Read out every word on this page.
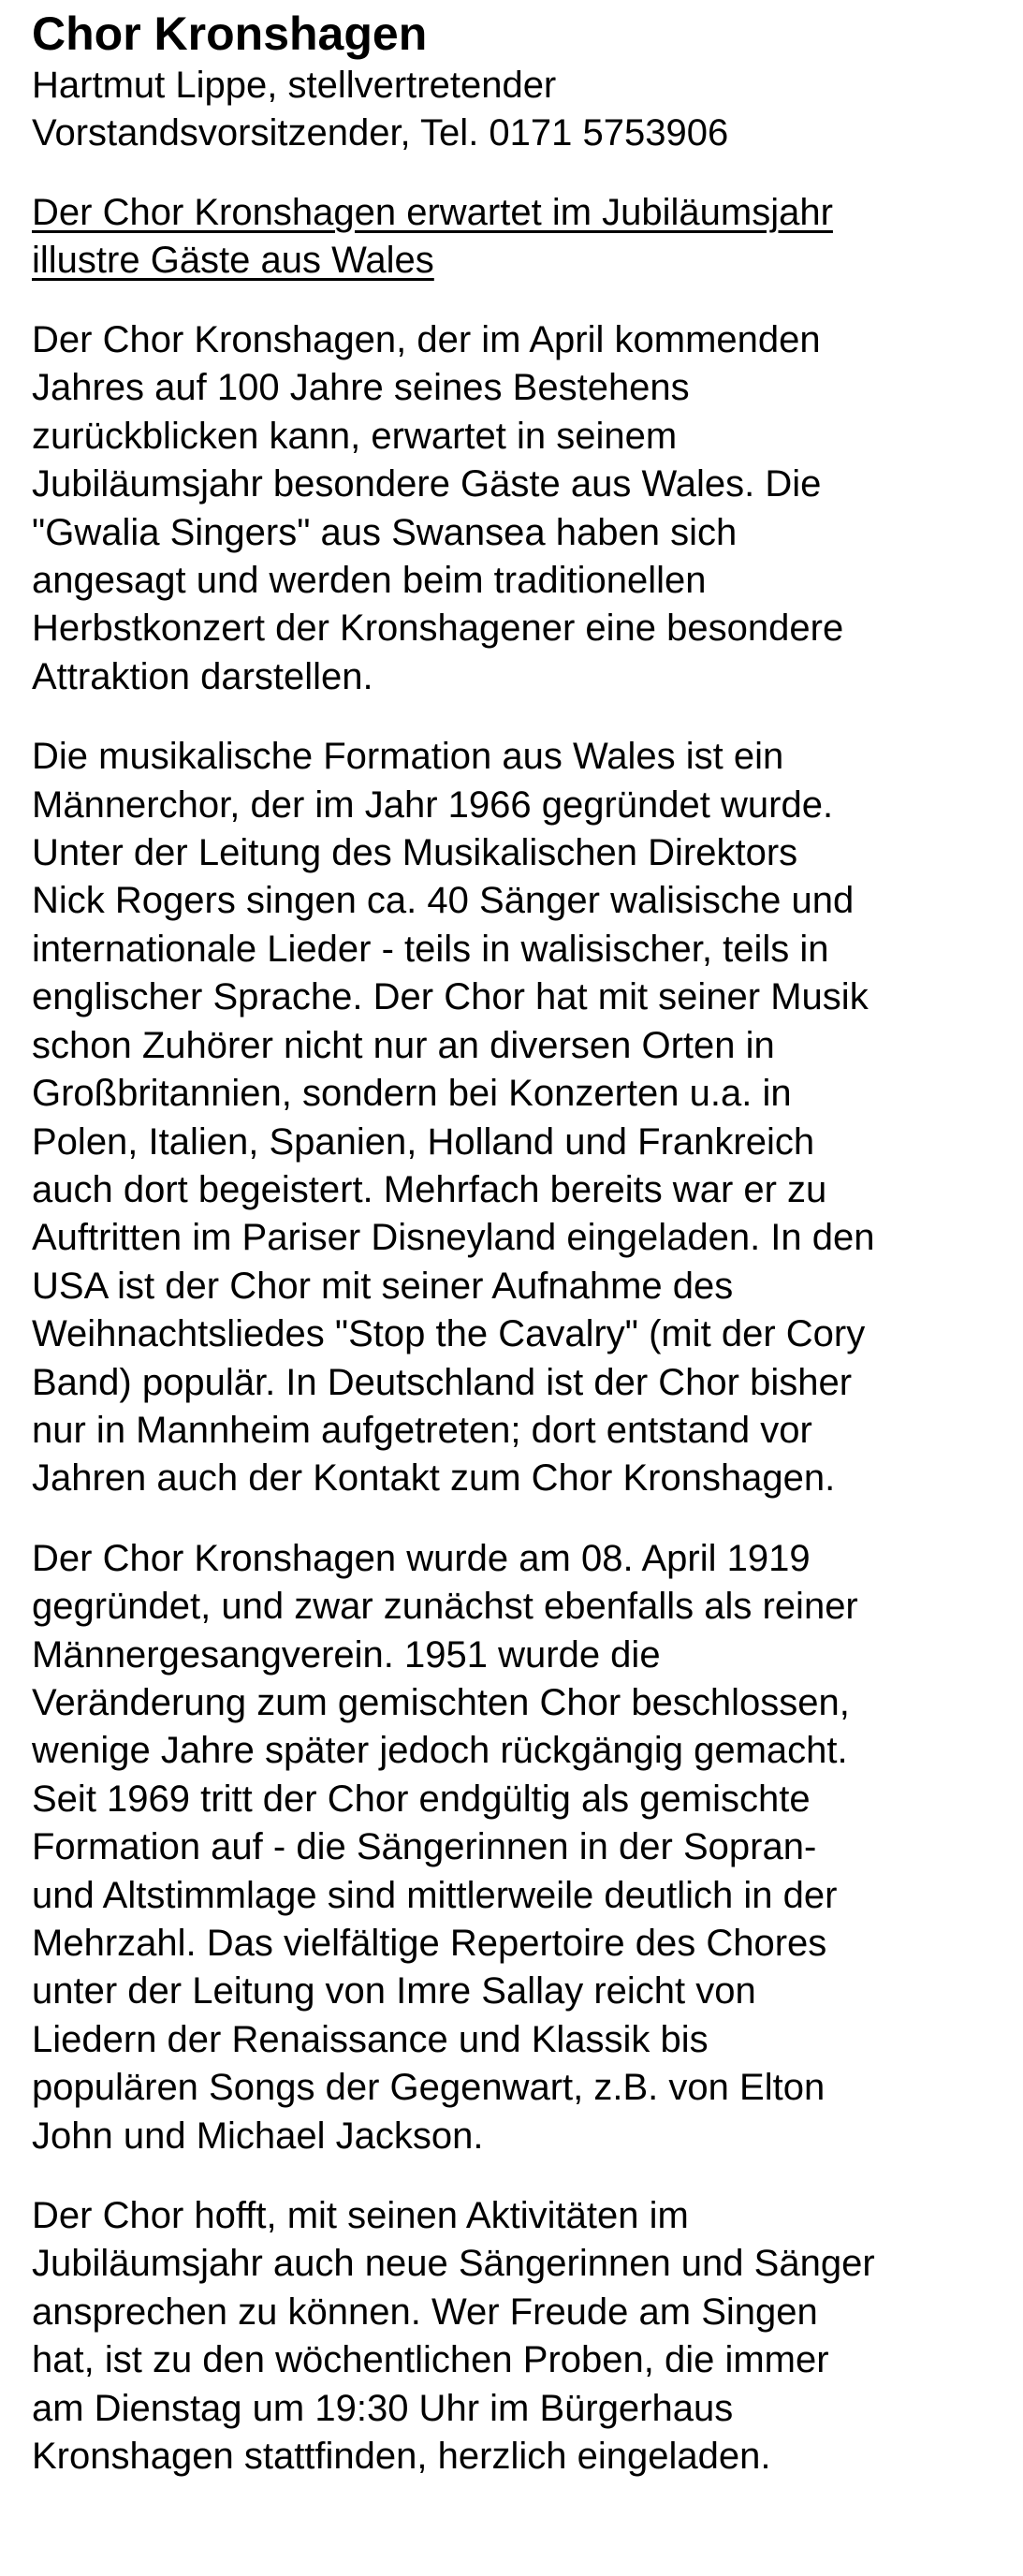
Chor Kronshagen
Hartmut Lippe, stellvertretender
Vorstandsvorsitzender, Tel. 0171 5753906
Der Chor Kronshagen erwartet im Jubiläumsjahr
illustre Gäste aus Wales
Der Chor Kronshagen, der im April kommenden
Jahres auf 100 Jahre seines Bestehens
zurückblicken kann, erwartet in seinem
Jubiläumsjahr besondere Gäste aus Wales. Die
"Gwalia Singers" aus Swansea haben sich
angesagt und werden beim traditionellen
Herbstkonzert der Kronshagener eine besondere
Attraktion darstellen.
Die musikalische Formation aus Wales ist ein
Männerchor, der im Jahr 1966 gegründet wurde.
Unter der Leitung des Musikalischen Direktors
Nick Rogers singen ca. 40 Sänger walisische und
internationale Lieder - teils in walisischer, teils in
englischer Sprache. Der Chor hat mit seiner Musik
schon Zuhörer nicht nur an diversen Orten in
Großbritannien, sondern bei Konzerten u.a. in
Polen, Italien, Spanien, Holland und Frankreich
auch dort begeistert. Mehrfach bereits war er zu
Auftritten im Pariser Disneyland eingeladen. In den
USA ist der Chor mit seiner Aufnahme des
Weihnachtsliedes "Stop the Cavalry" (mit der Cory
Band) populär. In Deutschland ist der Chor bisher
nur in Mannheim aufgetreten; dort entstand vor
Jahren auch der Kontakt zum Chor Kronshagen.
Der Chor Kronshagen wurde am 08. April 1919
gegründet, und zwar zunächst ebenfalls als reiner
Männergesangverein. 1951 wurde die
Veränderung zum gemischten Chor beschlossen,
wenige Jahre später jedoch rückgängig gemacht.
Seit 1969 tritt der Chor endgültig als gemischte
Formation auf - die Sängerinnen in der Sopran-
und Altstimmlage sind mittlerweile deutlich in der
Mehrzahl. Das vielfältige Repertoire des Chores
unter der Leitung von Imre Sallay reicht von
Liedern der Renaissance und Klassik bis
populären Songs der Gegenwart, z.B. von Elton
John und Michael Jackson.
Der Chor hofft, mit seinen Aktivitäten im
Jubiläumsjahr auch neue Sängerinnen und Sänger
ansprechen zu können. Wer Freude am Singen
hat, ist zu den wöchentlichen Proben, die immer
am Dienstag um 19:30 Uhr im Bürgerhaus
Kronshagen stattfinden, herzlich eingeladen.
